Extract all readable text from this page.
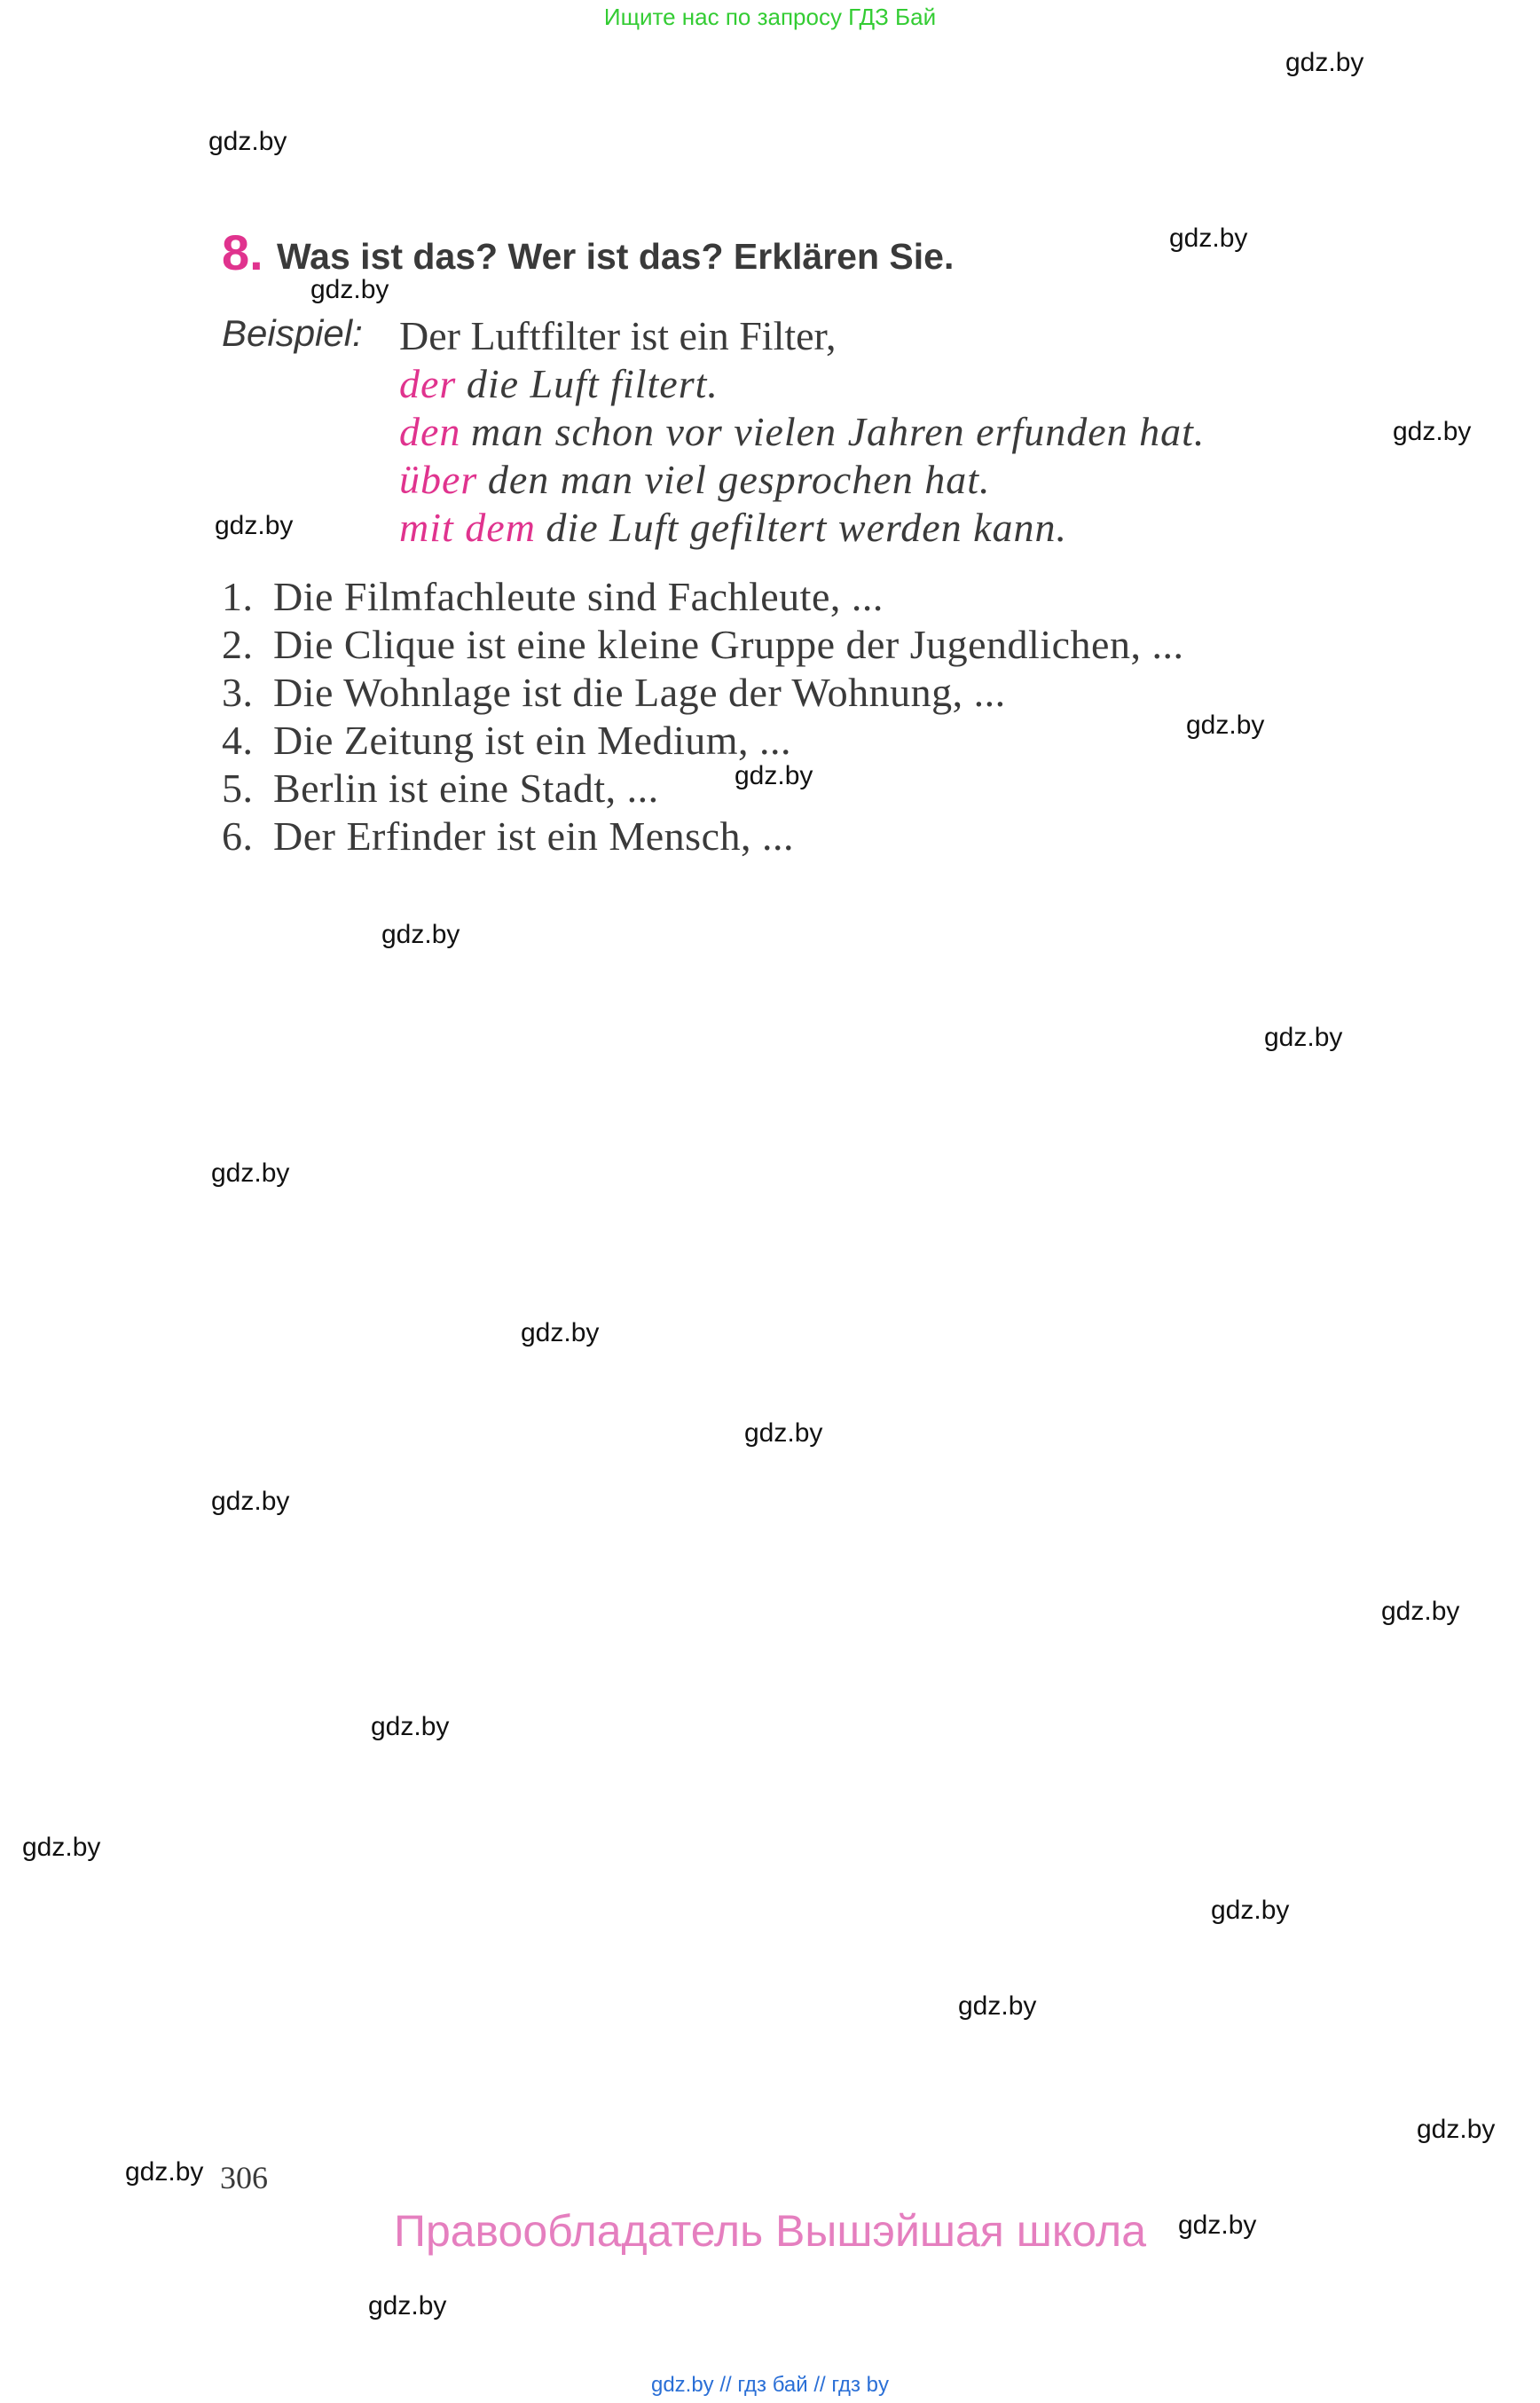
Ищите нас по запросу ГДЗ Бай
gdz.by
gdz.by
gdz.by
gdz.by
gdz.by
gdz.by
gdz.by
gdz.by
gdz.by
gdz.by
gdz.by
gdz.by
gdz.by
gdz.by
gdz.by
gdz.by
gdz.by
gdz.by
gdz.by
gdz.by
gdz.by
gdz.by
gdz.by
8. Was ist das? Wer ist das? Erklären Sie.
Beispiel: Der Luftfilter ist ein Filter,
der die Luft filtert.
den man schon vor vielen Jahren erfunden hat.
über den man viel gesprochen hat.
mit dem die Luft gefiltert werden kann.
1. Die Filmfachleute sind Fachleute, ...
2. Die Clique ist eine kleine Gruppe der Jugendlichen, ...
3. Die Wohnlage ist die Lage der Wohnung, ...
4. Die Zeitung ist ein Medium, ...
5. Berlin ist eine Stadt, ...
6. Der Erfinder ist ein Mensch, ...
306
Правообладатель Вышэйшая школа
gdz.by // гдз бай // гдз by
